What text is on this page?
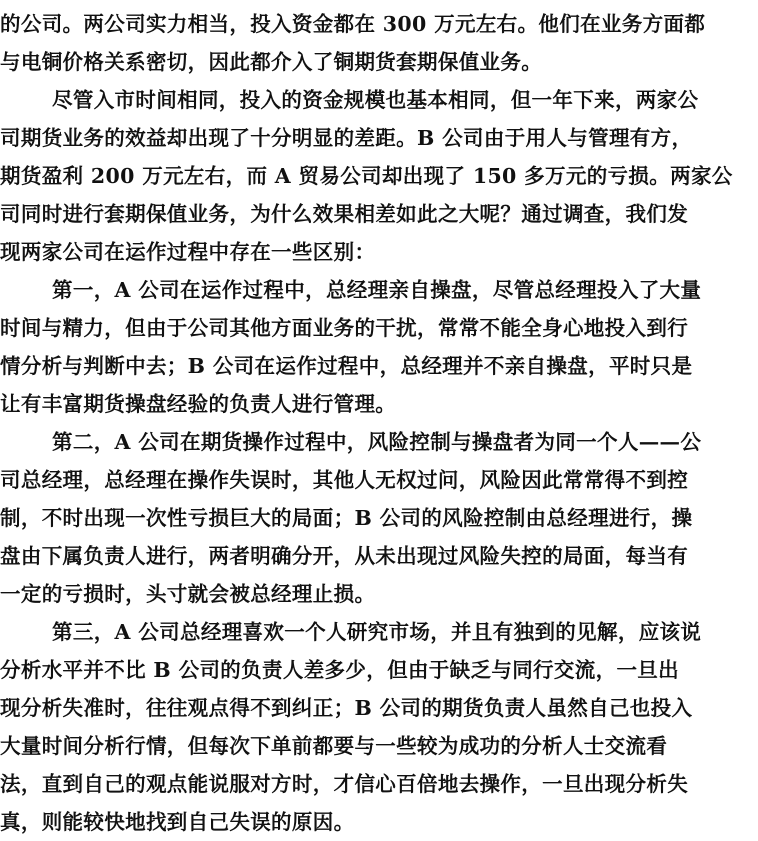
的公司。两公司实力相当，投入资金都在 300 万元左右。他们在业务方面都
与电铜价格关系密切，因此都介入了铜期货套期保值业务。
尽管入市时间相同，投入的资金规模也基本相同，但一年下来，两家公
司期货业务的效益却出现了十分明显的差距。B 公司由于用人与管理有方，
期货盈利 200 万元左右，而 A 贸易公司却出现了 150 多万元的亏损。两家公
司同时进行套期保值业务，为什么效果相差如此之大呢？通过调查，我们发
现两家公司在运作过程中存在一些区别：
第一，A 公司在运作过程中，总经理亲自操盘，尽管总经理投入了大量
时间与精力，但由于公司其他方面业务的干扰，常常不能全身心地投入到行
情分析与判断中去；B 公司在运作过程中，总经理并不亲自操盘，平时只是
让有丰富期货操盘经验的负责人进行管理。
第二，A 公司在期货操作过程中，风险控制与操盘者为同一个人——公
司总经理，总经理在操作失误时，其他人无权过问，风险因此常常得不到控
制，不时出现一次性亏损巨大的局面；B 公司的风险控制由总经理进行，操
盘由下属负责人进行，两者明确分开，从未出现过风险失控的局面，每当有
一定的亏损时，头寸就会被总经理止损。
第三，A 公司总经理喜欢一个人研究市场，并且有独到的见解，应该说
分析水平并不比 B 公司的负责人差多少，但由于缺乏与同行交流，一旦出
现分析失准时，往往观点得不到纠正；B 公司的期货负责人虽然自己也投入
大量时间分析行情，但每次下单前都要与一些较为成功的分析人士交流看
法，直到自己的观点能说服对方时，才信心百倍地去操作，一旦出现分析失
真，则能较快地找到自己失误的原因。
